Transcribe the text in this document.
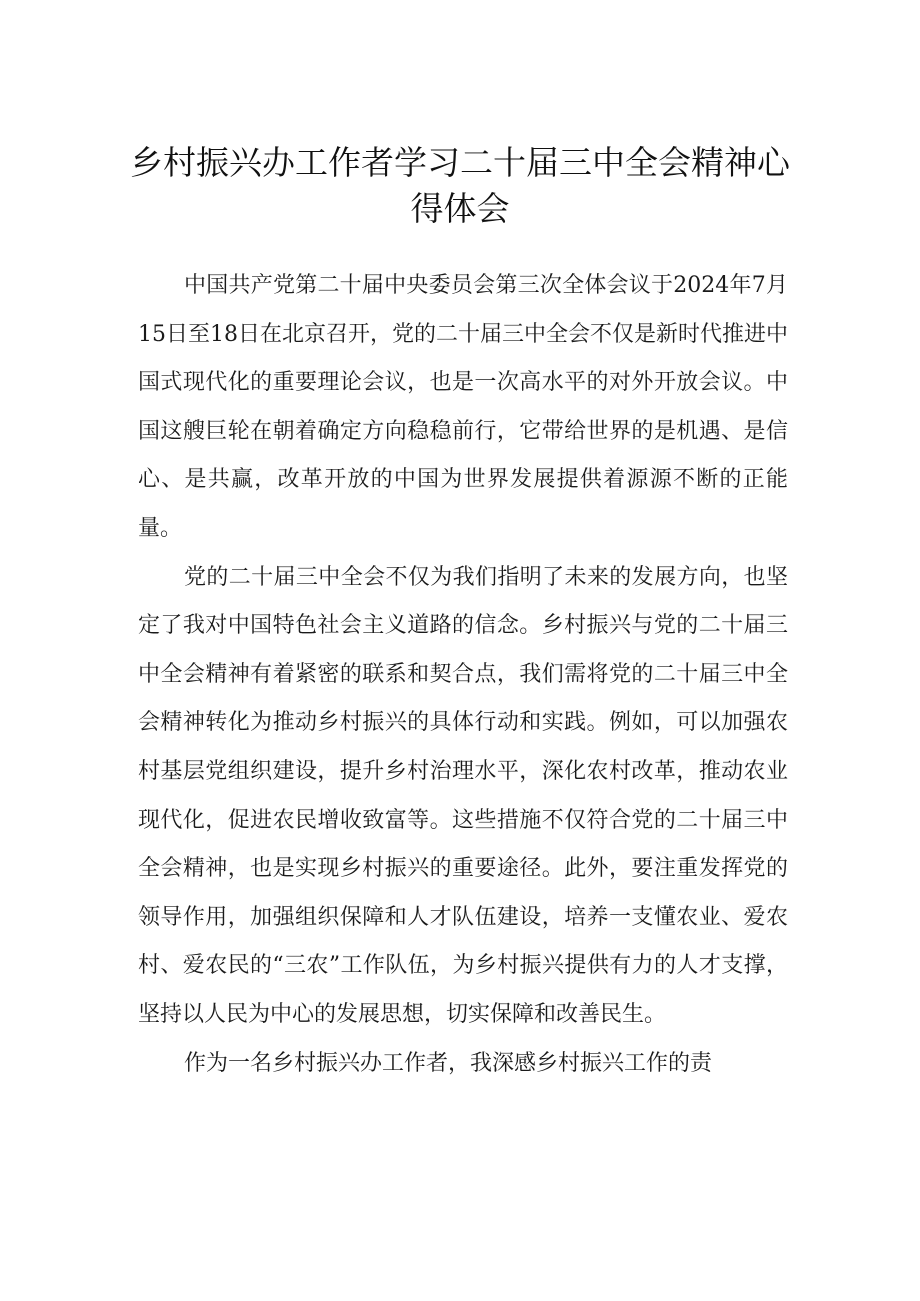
乡村振兴办工作者学习二十届三中全会精神心得体会

中国共产党第二十届中央委员会第三次全体会议于2024年7月15日至18日在北京召开，党的二十届三中全会不仅是新时代推进中国式现代化的重要理论会议，也是一次高水平的对外开放会议。中国这艘巨轮在朝着确定方向稳稳前行，它带给世界的是机遇、是信心、是共赢，改革开放的中国为世界发展提供着源源不断的正能量。

党的二十届三中全会不仅为我们指明了未来的发展方向，也坚定了我对中国特色社会主义道路的信念。乡村振兴与党的二十届三中全会精神有着紧密的联系和契合点，我们需将党的二十届三中全会精神转化为推动乡村振兴的具体行动和实践。例如，可以加强农村基层党组织建设，提升乡村治理水平，深化农村改革，推动农业现代化，促进农民增收致富等。这些措施不仅符合党的二十届三中全会精神，也是实现乡村振兴的重要途径。此外，要注重发挥党的领导作用，加强组织保障和人才队伍建设，培养一支懂农业、爱农村、爱农民的“三农”工作队伍，为乡村振兴提供有力的人才支撑，坚持以人民为中心的发展思想，切实保障和改善民生。

作为一名乡村振兴办工作者，我深感乡村振兴工作的责
